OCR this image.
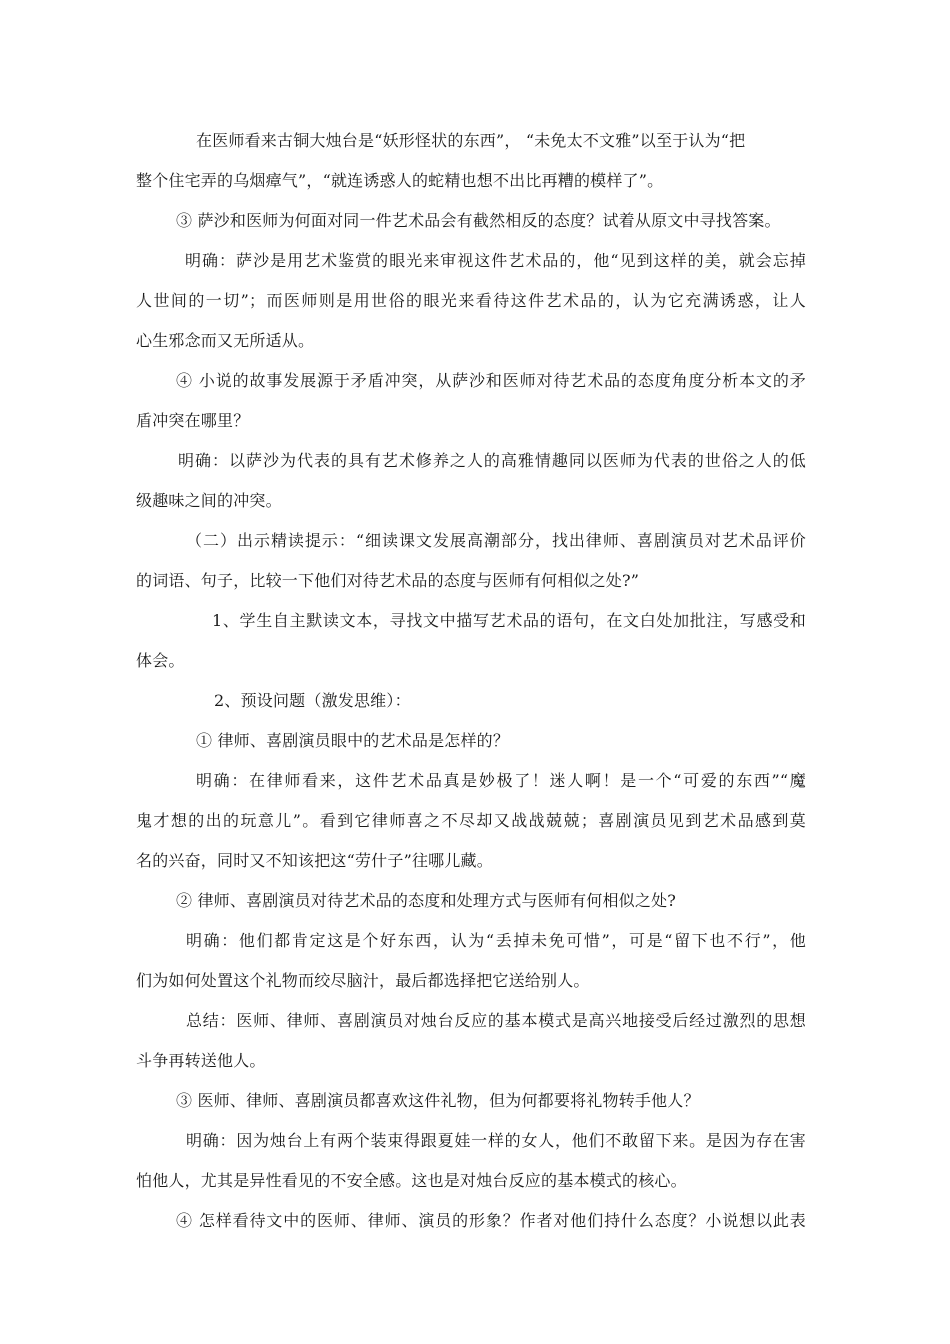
在医师看来古铜大烛台是“妖形怪状的东西”， “未免太不文雅”以至于认为“把
整个住宅弄的乌烟瘴气”，“就连诱惑人的蛇精也想不出比再糟的模样了”。
③ 萨沙和医师为何面对同一件艺术品会有截然相反的态度？试着从原文中寻找答案。
明确：萨沙是用艺术鉴赏的眼光来审视这件艺术品的，他“见到这样的美，就会忘掉
人世间的一切”；而医师则是用世俗的眼光来看待这件艺术品的，认为它充满诱惑，让人
心生邪念而又无所适从。
④ 小说的故事发展源于矛盾冲突，从萨沙和医师对待艺术品的态度角度分析本文的矛
盾冲突在哪里？
明确：以萨沙为代表的具有艺术修养之人的高雅情趣同以医师为代表的世俗之人的低
级趣味之间的冲突。
（二）出示精读提示：“细读课文发展高潮部分，找出律师、喜剧演员对艺术品评价
的词语、句子，比较一下他们对待艺术品的态度与医师有何相似之处?”
1、学生自主默读文本，寻找文中描写艺术品的语句，在文白处加批注，写感受和
体会。
2、预设问题（激发思维）：
① 律师、喜剧演员眼中的艺术品是怎样的？
明确：在律师看来，这件艺术品真是妙极了！迷人啊！是一个“可爱的东西”“魔
鬼才想的出的玩意儿”。看到它律师喜之不尽却又战战兢兢；喜剧演员见到艺术品感到莫
名的兴奋，同时又不知该把这“劳什子”往哪儿藏。
② 律师、喜剧演员对待艺术品的态度和处理方式与医师有何相似之处?
明确：他们都肯定这是个好东西，认为“丢掉未免可惜”，可是“留下也不行”，他
们为如何处置这个礼物而绞尽脑汁，最后都选择把它送给别人。
总结：医师、律师、喜剧演员对烛台反应的基本模式是高兴地接受后经过激烈的思想
斗争再转送他人。
③ 医师、律师、喜剧演员都喜欢这件礼物，但为何都要将礼物转手他人？
明确：因为烛台上有两个装束得跟夏娃一样的女人，他们不敢留下来。是因为存在害
怕他人，尤其是异性看见的不安全感。这也是对烛台反应的基本模式的核心。
④ 怎样看待文中的医师、律师、演员的形象？作者对他们持什么态度？小说想以此表
